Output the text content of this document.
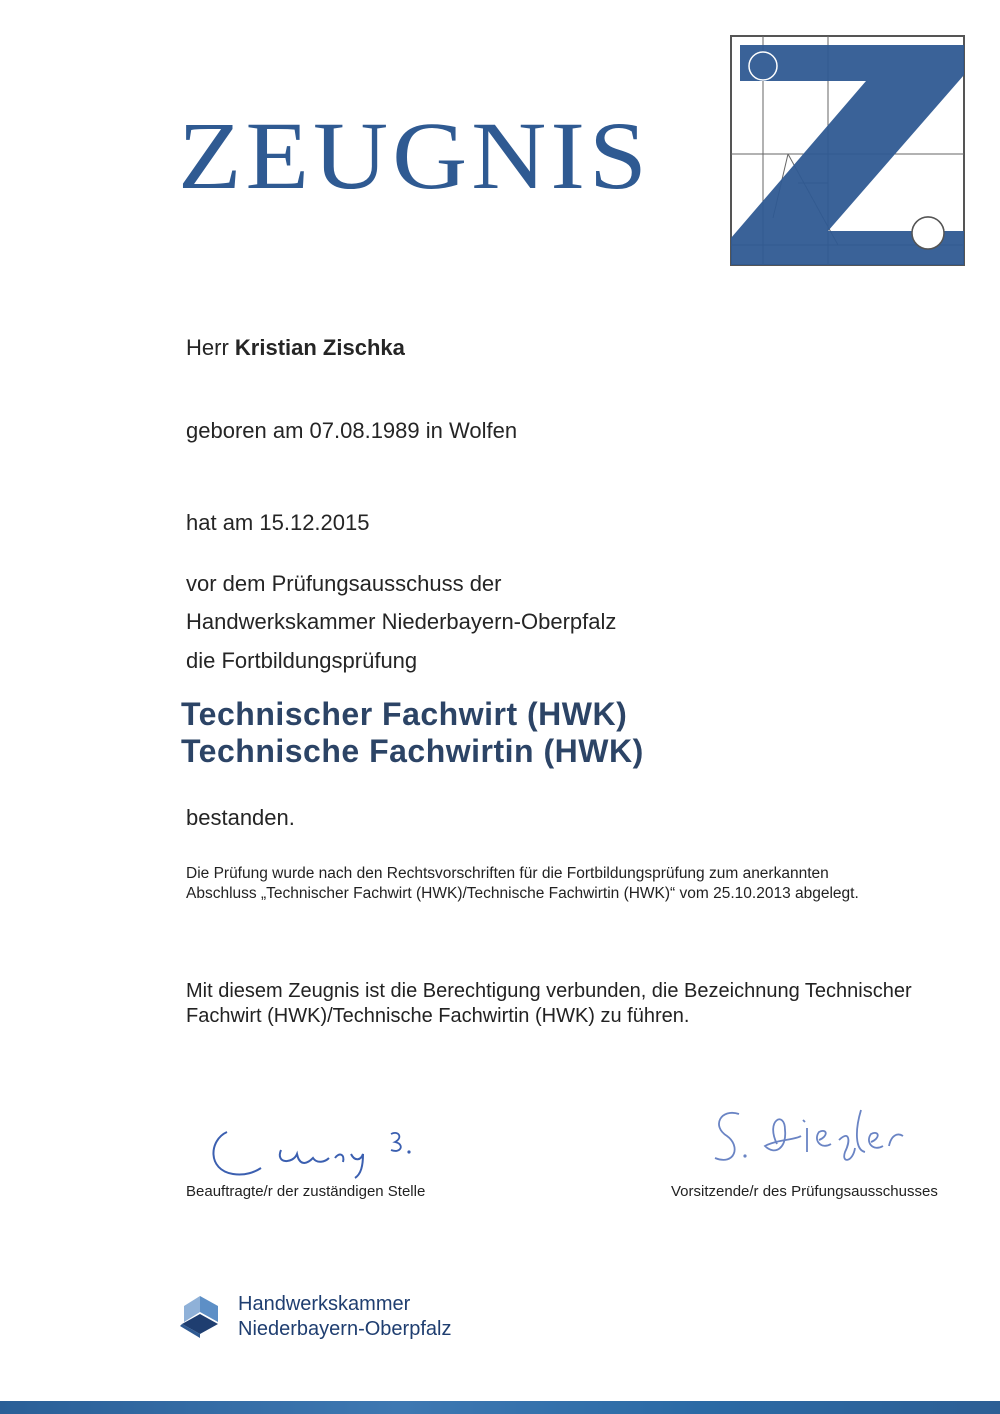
ZEUGNIS
Herr Kristian Zischka
geboren am 07.08.1989 in Wolfen
hat am 15.12.2015
vor dem Prüfungsausschuss der
Handwerkskammer Niederbayern-Oberpfalz
die Fortbildungsprüfung
Technischer Fachwirt (HWK)
Technische Fachwirtin (HWK)
bestanden.
Die Prüfung wurde nach den Rechtsvorschriften für die Fortbildungsprüfung zum anerkannten
Abschluss „Technischer Fachwirt (HWK)/Technische Fachwirtin (HWK)“ vom 25.10.2013 abgelegt.
Mit diesem Zeugnis ist die Berechtigung verbunden, die Bezeichnung Technischer
Fachwirt (HWK)/Technische Fachwirtin (HWK) zu führen.
Beauftragte/r der zuständigen Stelle	Vorsitzende/r des Prüfungsausschusses
Handwerkskammer
Niederbayern-Oberpfalz
